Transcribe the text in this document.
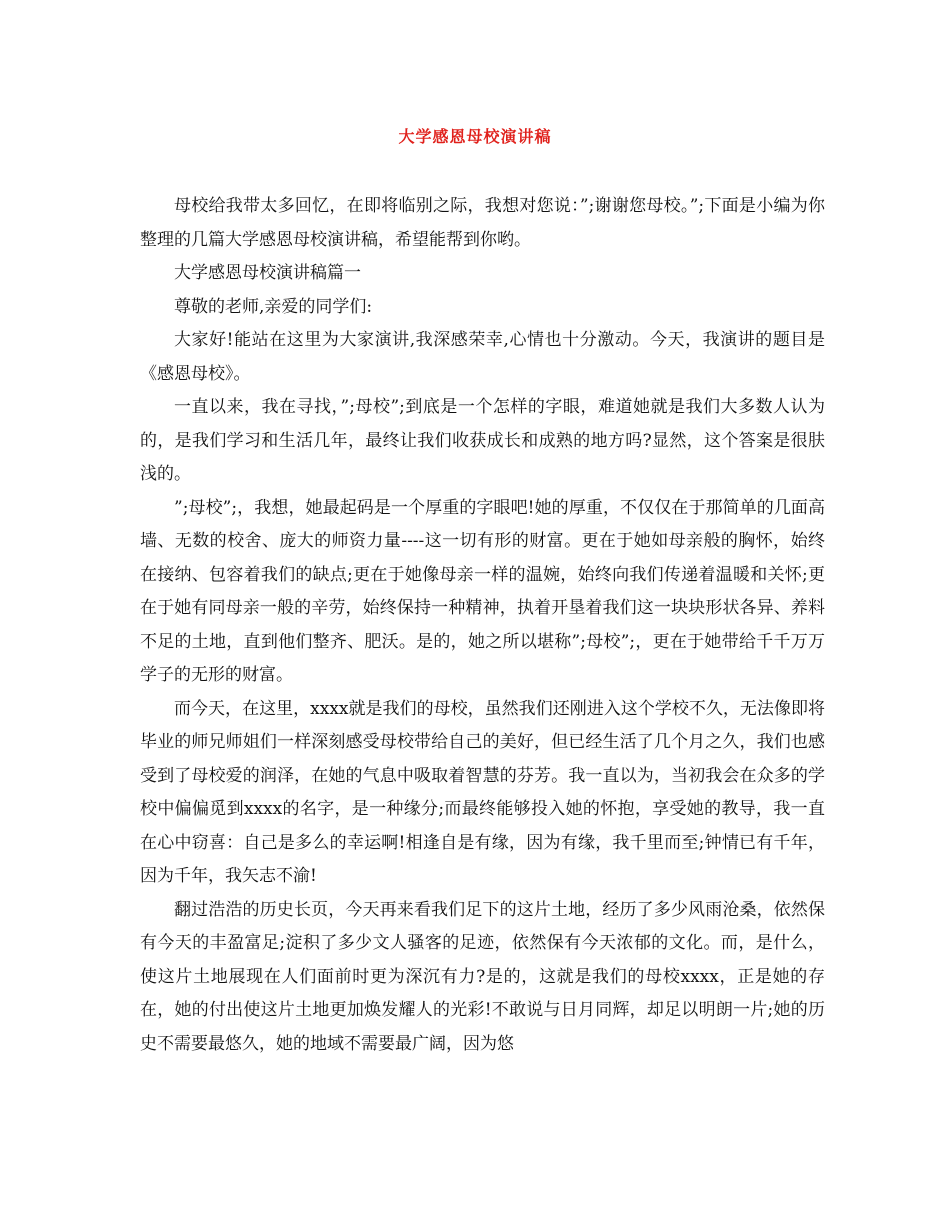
大学感恩母校演讲稿

母校给我带太多回忆，在即将临别之际，我想对您说：”;谢谢您母校。”;下面是小编为你整理的几篇大学感恩母校演讲稿，希望能帮到你哟。

大学感恩母校演讲稿篇一

尊敬的老师,亲爱的同学们:

大家好!能站在这里为大家演讲,我深感荣幸,心情也十分激动。今天，我演讲的题目是《感恩母校》。

一直以来，我在寻找，”;母校”;到底是一个怎样的字眼，难道她就是我们大多数人认为的，是我们学习和生活几年，最终让我们收获成长和成熟的地方吗?显然，这个答案是很肤浅的。

”;母校”;，我想，她最起码是一个厚重的字眼吧!她的厚重，不仅仅在于那简单的几面高墙、无数的校舍、庞大的师资力量----这一切有形的财富。更在于她如母亲般的胸怀，始终在接纳、包容着我们的缺点;更在于她像母亲一样的温婉，始终向我们传递着温暖和关怀;更在于她有同母亲一般的辛劳，始终保持一种精神，执着开垦着我们这一块块形状各异、养料不足的土地，直到他们整齐、肥沃。是的，她之所以堪称”;母校”;，更在于她带给千千万万学子的无形的财富。

而今天，在这里，xxxx就是我们的母校，虽然我们还刚进入这个学校不久，无法像即将毕业的师兄师姐们一样深刻感受母校带给自己的美好，但已经生活了几个月之久，我们也感受到了母校爱的润泽，在她的气息中吸取着智慧的芬芳。我一直以为，当初我会在众多的学校中偏偏觅到xxxx的名字，是一种缘分;而最终能够投入她的怀抱，享受她的教导，我一直在心中窃喜：自己是多么的幸运啊!相逢自是有缘，因为有缘，我千里而至;钟情已有千年，因为千年，我矢志不渝!

翻过浩浩的历史长页，今天再来看我们足下的这片土地，经历了多少风雨沧桑，依然保有今天的丰盈富足;淀积了多少文人骚客的足迹，依然保有今天浓郁的文化。而，是什么，使这片土地展现在人们面前时更为深沉有力?是的，这就是我们的母校xxxx，正是她的存在，她的付出使这片土地更加焕发耀人的光彩!不敢说与日月同辉，却足以明朗一片;她的历史不需要最悠久，她的地域不需要最广阔，因为悠
